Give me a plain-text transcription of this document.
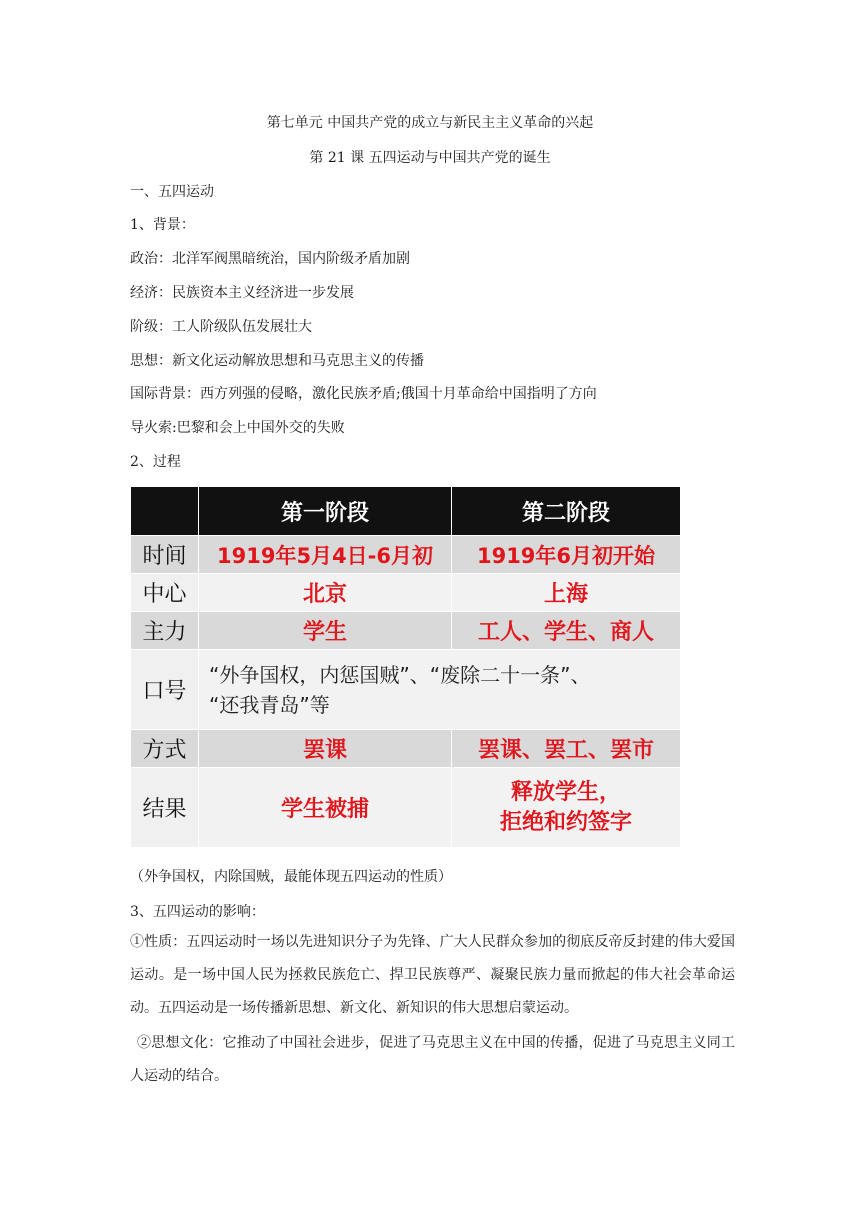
第七单元 中国共产党的成立与新民主主义革命的兴起
第 21 课 五四运动与中国共产党的诞生
一、五四运动
1、背景：
政治：北洋军阀黑暗统治，国内阶级矛盾加剧
经济：民族资本主义经济进一步发展
阶级：工人阶级队伍发展壮大
思想：新文化运动解放思想和马克思主义的传播
国际背景：西方列强的侵略，激化民族矛盾;俄国十月革命给中国指明了方向
导火索:巴黎和会上中国外交的失败
2、过程
	第一阶段	第二阶段
时间	1919年5月4日-6月初	1919年6月初开始
中心	北京	上海
主力	学生	工人、学生、商人
口号	“外争国权，内惩国贼”、“废除二十一条”、
“还我青岛”等	

方式	罢课	罢课、罢工、罢市
结果	学生被捕	释放学生，
拒绝和约签字
（外争国权，内除国贼，最能体现五四运动的性质）
3、五四运动的影响：
①性质：五四运动时一场以先进知识分子为先锋、广大人民群众参加的彻底反帝反封建的伟大爱国运动。是一场中国人民为拯救民族危亡、捍卫民族尊严、凝聚民族力量而掀起的伟大社会革命运动。五四运动是一场传播新思想、新文化、新知识的伟大思想启蒙运动。
②思想文化：它推动了中国社会进步，促进了马克思主义在中国的传播，促进了马克思主义同工人运动的结合。
